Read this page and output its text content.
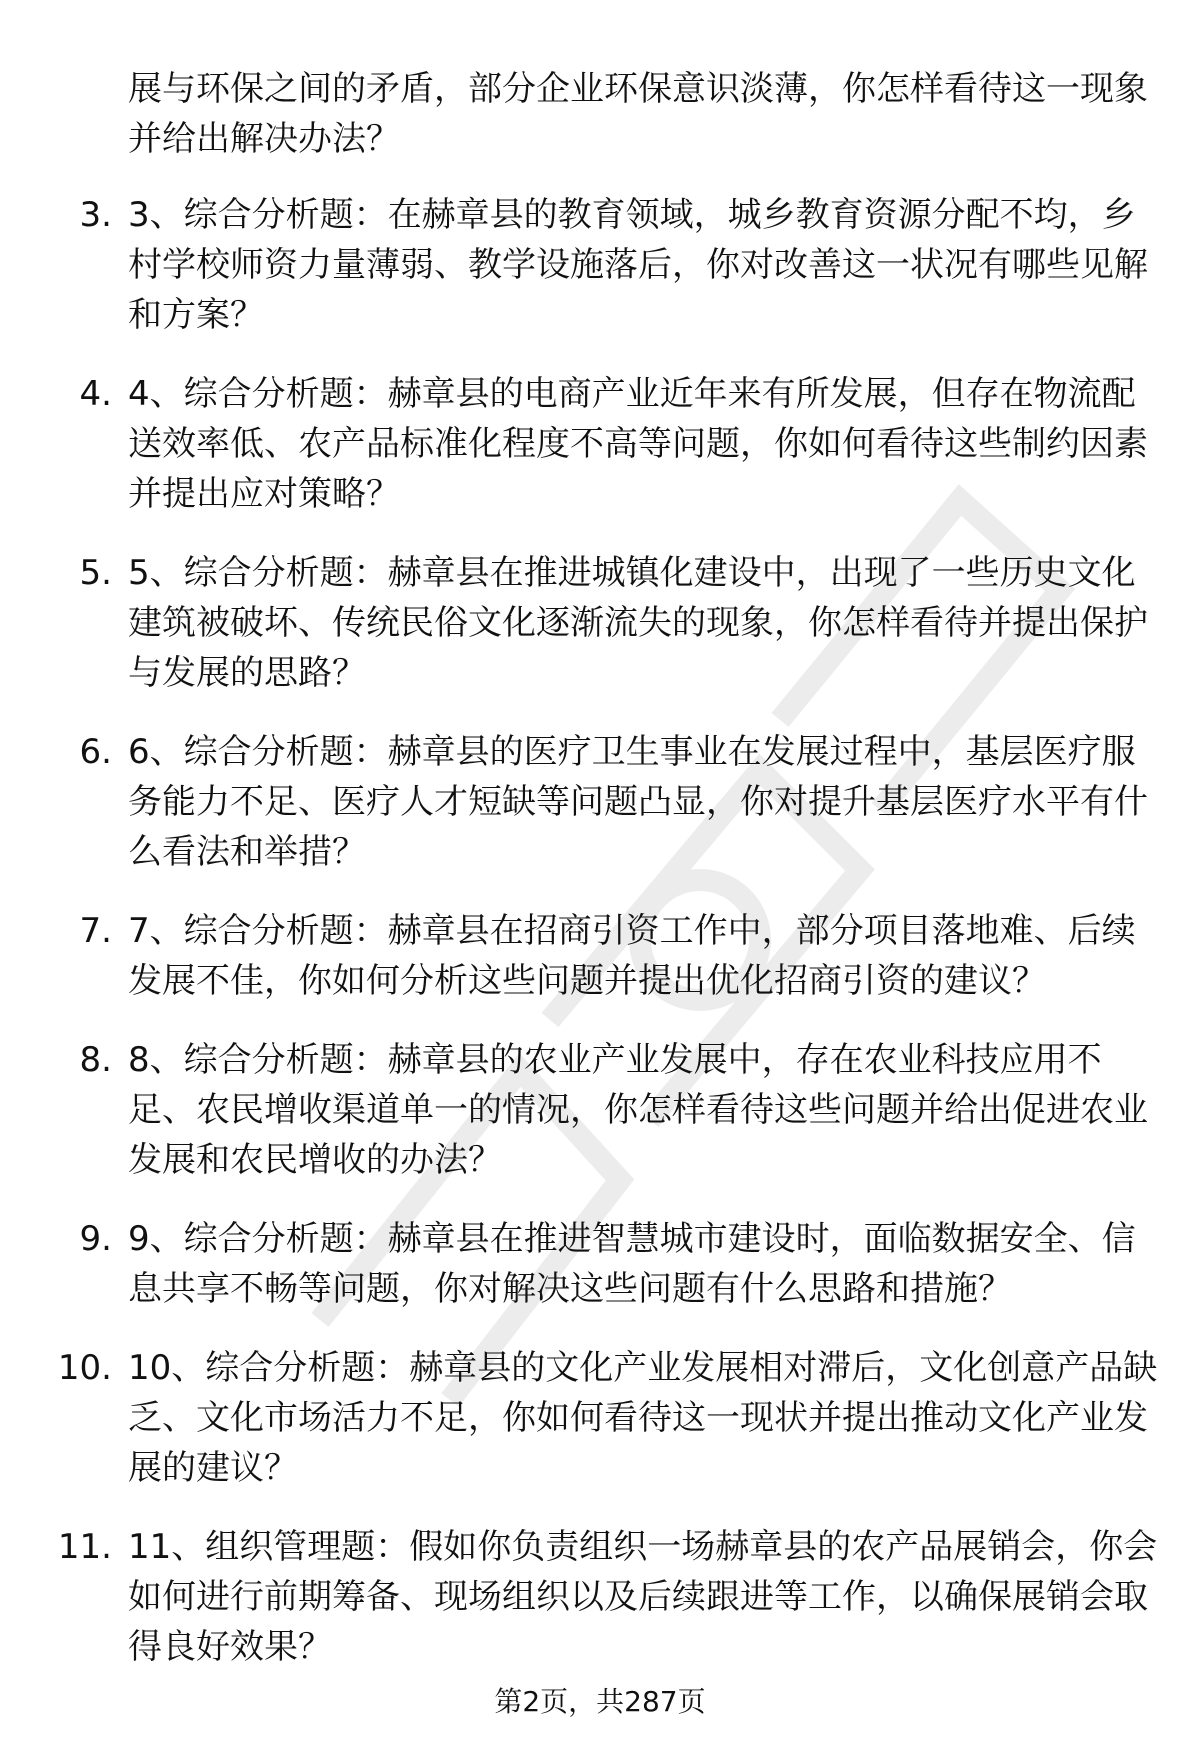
展与环保之间的矛盾，部分企业环保意识淡薄，你怎样看待这一现象并给出解决办法？
3. 3、综合分析题：在赫章县的教育领域，城乡教育资源分配不均，乡村学校师资力量薄弱、教学设施落后，你对改善这一状况有哪些见解和方案？
4. 4、综合分析题：赫章县的电商产业近年来有所发展，但存在物流配送效率低、农产品标准化程度不高等问题，你如何看待这些制约因素并提出应对策略？
5. 5、综合分析题：赫章县在推进城镇化建设中，出现了一些历史文化建筑被破坏、传统民俗文化逐渐流失的现象，你怎样看待并提出保护与发展的思路？
6. 6、综合分析题：赫章县的医疗卫生事业在发展过程中，基层医疗服务能力不足、医疗人才短缺等问题凸显，你对提升基层医疗水平有什么看法和举措？
7. 7、综合分析题：赫章县在招商引资工作中，部分项目落地难、后续发展不佳，你如何分析这些问题并提出优化招商引资的建议？
8. 8、综合分析题：赫章县的农业产业发展中，存在农业科技应用不足、农民增收渠道单一的情况，你怎样看待这些问题并给出促进农业发展和农民增收的办法？
9. 9、综合分析题：赫章县在推进智慧城市建设时，面临数据安全、信息共享不畅等问题，你对解决这些问题有什么思路和措施？
10. 10、综合分析题：赫章县的文化产业发展相对滞后，文化创意产品缺乏、文化市场活力不足，你如何看待这一现状并提出推动文化产业发展的建议？
11. 11、组织管理题：假如你负责组织一场赫章县的农产品展销会，你会如何进行前期筹备、现场组织以及后续跟进等工作，以确保展销会取得良好效果？
第2页，共287页
